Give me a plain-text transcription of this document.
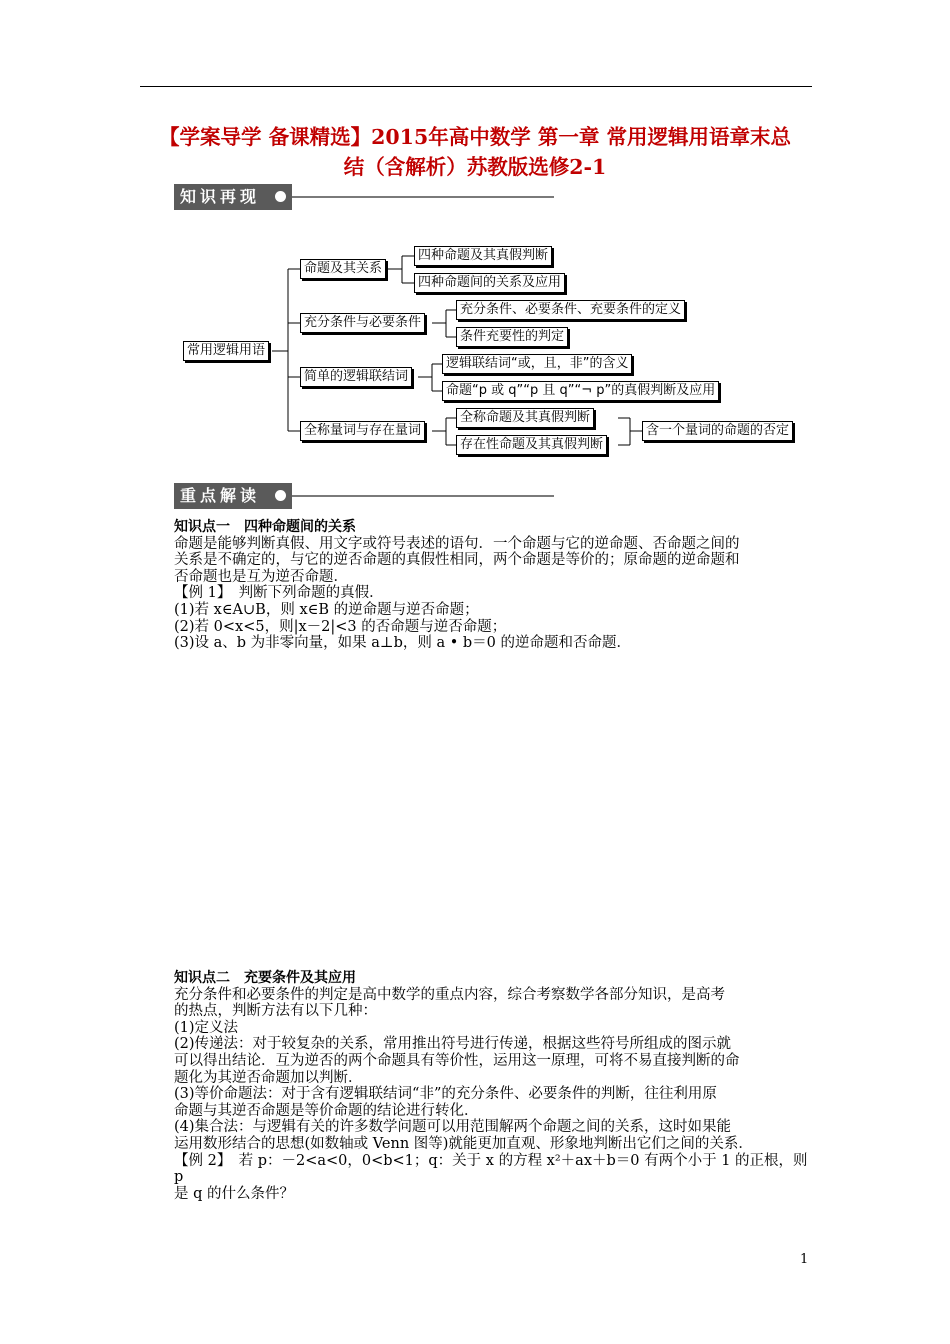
【学案导学 备课精选】2015年高中数学 第一章 常用逻辑用语章末总
结（含解析）苏教版选修2-1
知识再现
常用逻辑用语
命题及其关系
四种命题及其真假判断
四种命题间的关系及应用
充分条件与必要条件
充分条件、必要条件、充要条件的定义
条件充要性的判定
简单的逻辑联结词
逻辑联结词“或，且，非”的含义
命题“p 或 q”“p 且 q”“¬ p”的真假判断及应用
全称量词与存在量词
全称命题及其真假判断
存在性命题及其真假判断
含一个量词的命题的否定
重点解读

知识点一　四种命题间的关系

命题是能够判断真假、用文字或符号表述的语句．一个命题与它的逆命题、否命题之间的

关系是不确定的，与它的逆否命题的真假性相同，两个命题是等价的；原命题的逆命题和

否命题也是互为逆否命题．

【例 1】　判断下列命题的真假．

(1)若 x∈A∪B，则 x∈B 的逆命题与逆否命题；

(2)若 0<x<5，则|x－2|<3 的否命题与逆否命题；

(3)设 a、b 为非零向量，如果 a⊥b，则 a • b＝0 的逆命题和否命题．

知识点二　充要条件及其应用

充分条件和必要条件的判定是高中数学的重点内容，综合考察数学各部分知识，是高考

的热点，判断方法有以下几种：

(1)定义法

(2)传递法：对于较复杂的关系，常用推出符号进行传递，根据这些符号所组成的图示就

可以得出结论．互为逆否的两个命题具有等价性，运用这一原理，可将不易直接判断的命

题化为其逆否命题加以判断．

(3)等价命题法：对于含有逻辑联结词“非”的充分条件、必要条件的判断，往往利用原

命题与其逆否命题是等价命题的结论进行转化．

(4)集合法：与逻辑有关的许多数学问题可以用范围解两个命题之间的关系，这时如果能

运用数形结合的思想(如数轴或 Venn 图等)就能更加直观、形象地判断出它们之间的关系．

【例 2】　若 p：－2<a<0，0<b<1；q：关于 x 的方程 x²＋ax＋b＝0 有两个小于 1 的正根，则 p

是 q 的什么条件？

1
